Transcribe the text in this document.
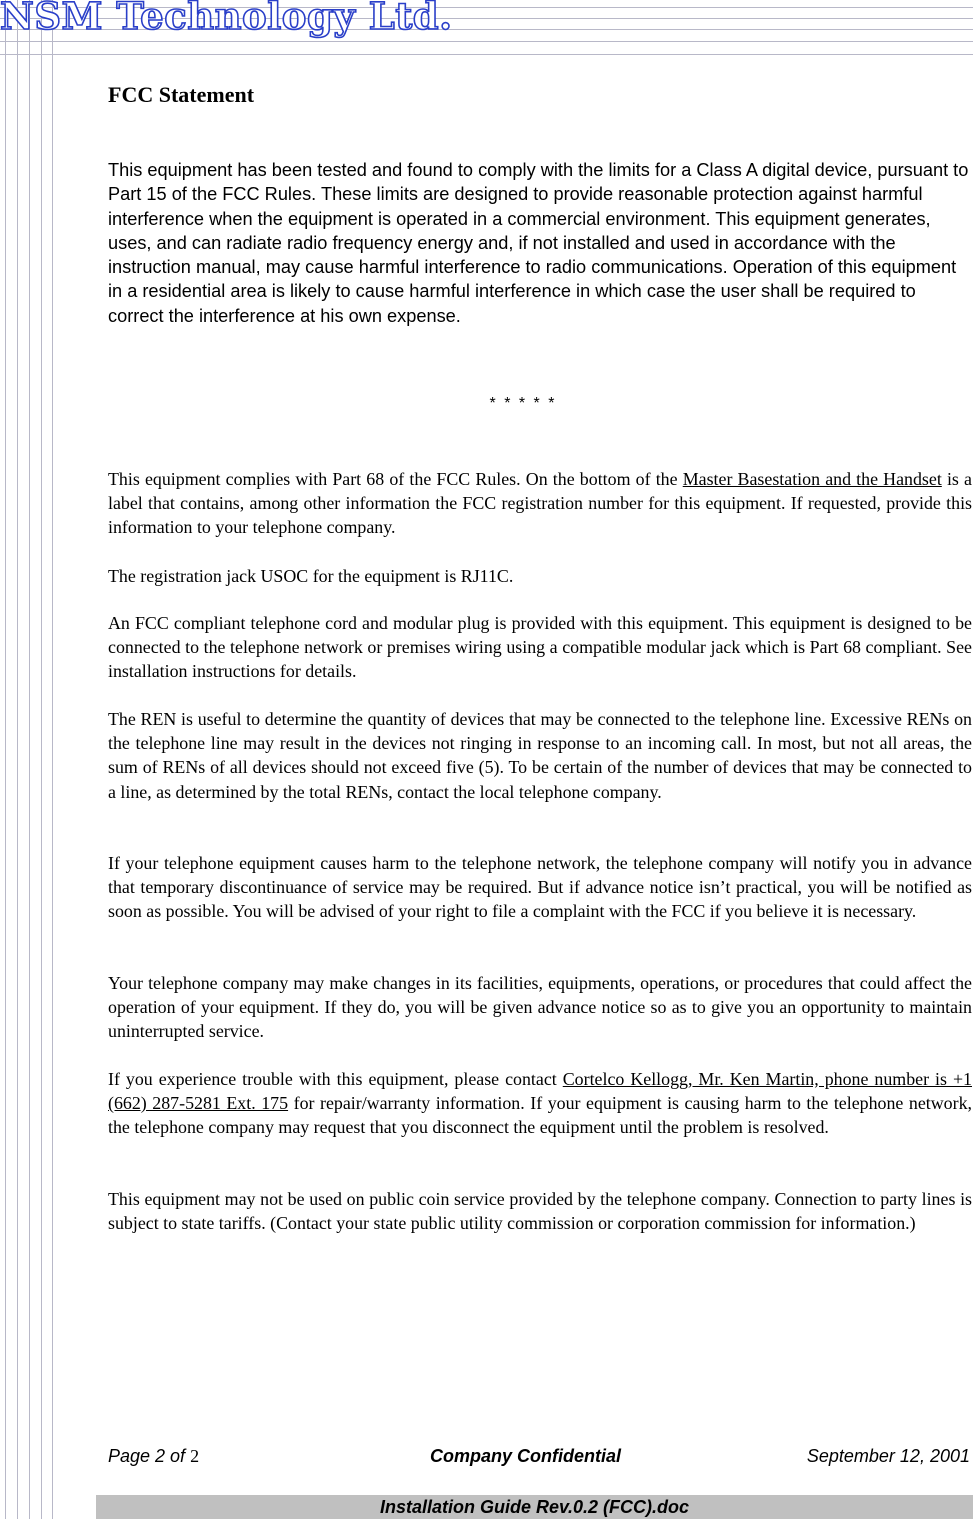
NSM Technology Ltd.
FCC Statement

This equipment has been tested and found to comply with the limits for a Class A digital device, pursuant to Part 15 of the FCC Rules. These limits are designed to provide reasonable protection against harmful interference when the equipment is operated in a commercial environment. This equipment generates, uses, and can radiate radio frequency energy and, if not installed and used in accordance with the instruction manual, may cause harmful interference to radio communications. Operation of this equipment in a residential area is likely to cause harmful interference in which case the user shall be required to correct the interference at his own expense.

* * * * *

This equipment complies with Part 68 of the FCC Rules. On the bottom of the Master Basestation and the Handset is a label that contains, among other information the FCC registration number for this equipment. If requested, provide this information to your telephone company.

The registration jack USOC for the equipment is RJ11C.

An FCC compliant telephone cord and modular plug is provided with this equipment. This equipment is designed to be connected to the telephone network or premises wiring using a compatible modular jack which is Part 68 compliant. See installation instructions for details.

The REN is useful to determine the quantity of devices that may be connected to the telephone line. Excessive RENs on the telephone line may result in the devices not ringing in response to an incoming call. In most, but not all areas, the sum of RENs of all devices should not exceed five (5). To be certain of the number of devices that may be connected to a line, as determined by the total RENs, contact the local telephone company.

If your telephone equipment causes harm to the telephone network, the telephone company will notify you in advance that temporary discontinuance of service may be required. But if advance notice isn’t practical, you will be notified as soon as possible. You will be advised of your right to file a complaint with the FCC if you believe it is necessary.

Your telephone company may make changes in its facilities, equipments, operations, or procedures that could affect the operation of your equipment. If they do, you will be given advance notice so as to give you an opportunity to maintain uninterrupted service.

If you experience trouble with this equipment, please contact Cortelco Kellogg, Mr. Ken Martin, phone number is +1 (662) 287-5281 Ext. 175 for repair/warranty information. If your equipment is causing harm to the telephone network, the telephone company may request that you disconnect the equipment until the problem is resolved.

This equipment may not be used on public coin service provided by the telephone company. Connection to party lines is subject to state tariffs. (Contact your state public utility commission or corporation commission for information.)

Page 2 of 2	Company Confidential	September 12, 2001
Installation Guide Rev.0.2 (FCC).doc
